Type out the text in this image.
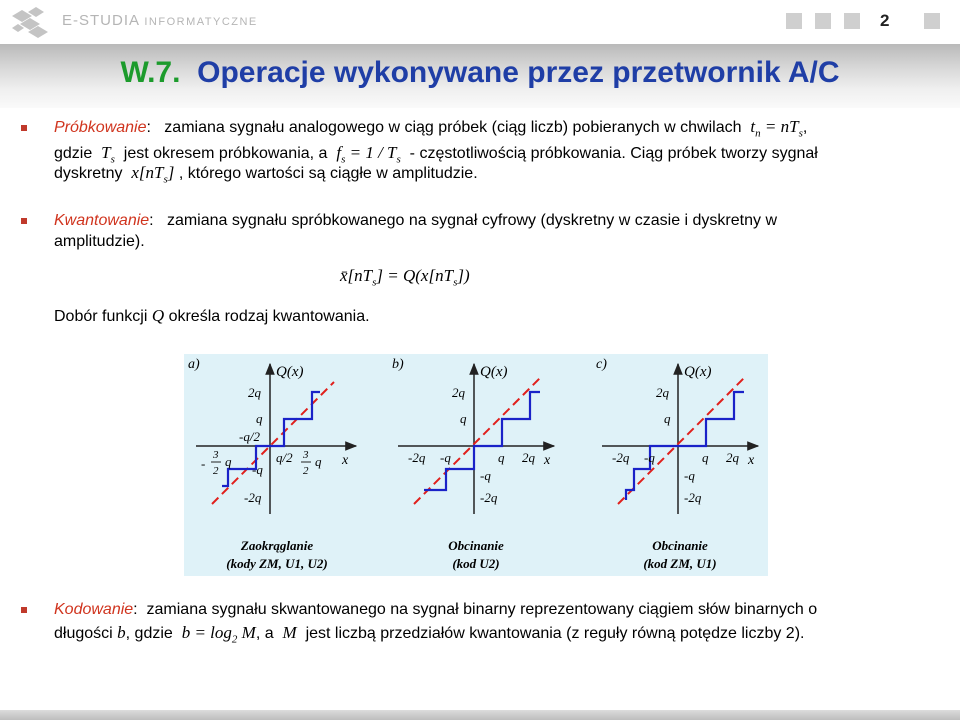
E-STUDIA INFORMATYCZNE	2
W.7. Operacje wykonywane przez przetwornik A/C
Próbkowanie: zamiana sygnału analogowego w ciąg próbek (ciąg liczb) pobieranych w chwilach $t_n = nT_s$,
gdzie $T_s$ jest okresem próbkowania, a $f_s = 1 / T_s$ - częstotliwością próbkowania. Ciąg próbek tworzy sygnał
dyskretny $x[nT_s]$ , którego wartości są ciągłe w amplitudzie.
Kwantowanie:   zamiana sygnału spróbkowanego na sygnał cyfrowy (dyskretny w czasie i dyskretny w
amplitudzie).
$x̄[nT_s] = Q(x[nT_s])$
Dobór funkcji Q określa rodzaj kwantowania.
a)	Q(x)
x
2q
q
-q/2
-q
-2q
-
3
2
q	q/2 3
2
q
Zaokrąglanie
(kody ZM, U1, U2)
b)	Q(x)
x
2q
q
-q
-2q
-2q -q	q 2q
Obcinanie
(kod U2)
c)	Q(x)
x
2q
q
-q
-2q
-2q -q	q 2q
Obcinanie
(kod ZM, U1)
Kodowanie:  zamiana sygnału skwantowanego na sygnał binarny reprezentowany ciągiem słów binarnych o
długości b, gdzie $b = \log_2 M$, a M jest liczbą przedziałów kwantowania (z reguły równą potędze liczby 2).
